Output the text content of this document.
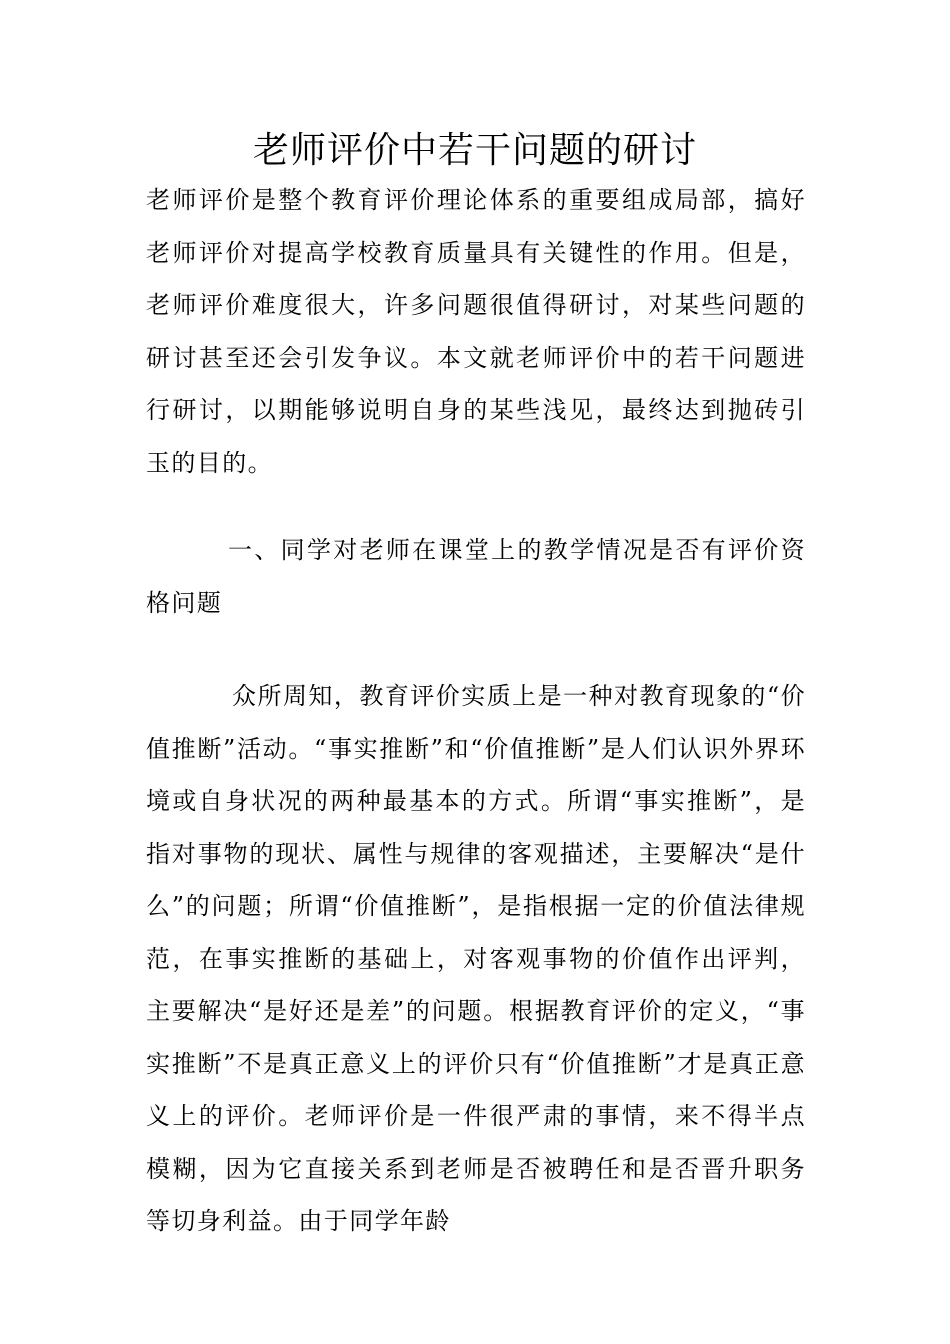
老师评价中若干问题的研讨

老师评价是整个教育评价理论体系的重要组成局部，搞好老师评价对提高学校教育质量具有关键性的作用。但是，老师评价难度很大，许多问题很值得研讨，对某些问题的研讨甚至还会引发争议。本文就老师评价中的若干问题进行研讨，以期能够说明自身的某些浅见，最终达到抛砖引玉的目的。

一、同学对老师在课堂上的教学情况是否有评价资格问题

众所周知，教育评价实质上是一种对教育现象的“价值推断”活动。“事实推断”和“价值推断”是人们认识外界环境或自身状况的两种最基本的方式。所谓“事实推断”，是指对事物的现状、属性与规律的客观描述，主要解决“是什么”的问题；所谓“价值推断”，是指根据一定的价值法律规范，在事实推断的基础上，对客观事物的价值作出评判，主要解决“是好还是差”的问题。根据教育评价的定义，“事实推断”不是真正意义上的评价只有“价值推断”才是真正意义上的评价。老师评价是一件很严肃的事情，来不得半点模糊，因为它直接关系到老师是否被聘任和是否晋升职务等切身利益。由于同学年龄
